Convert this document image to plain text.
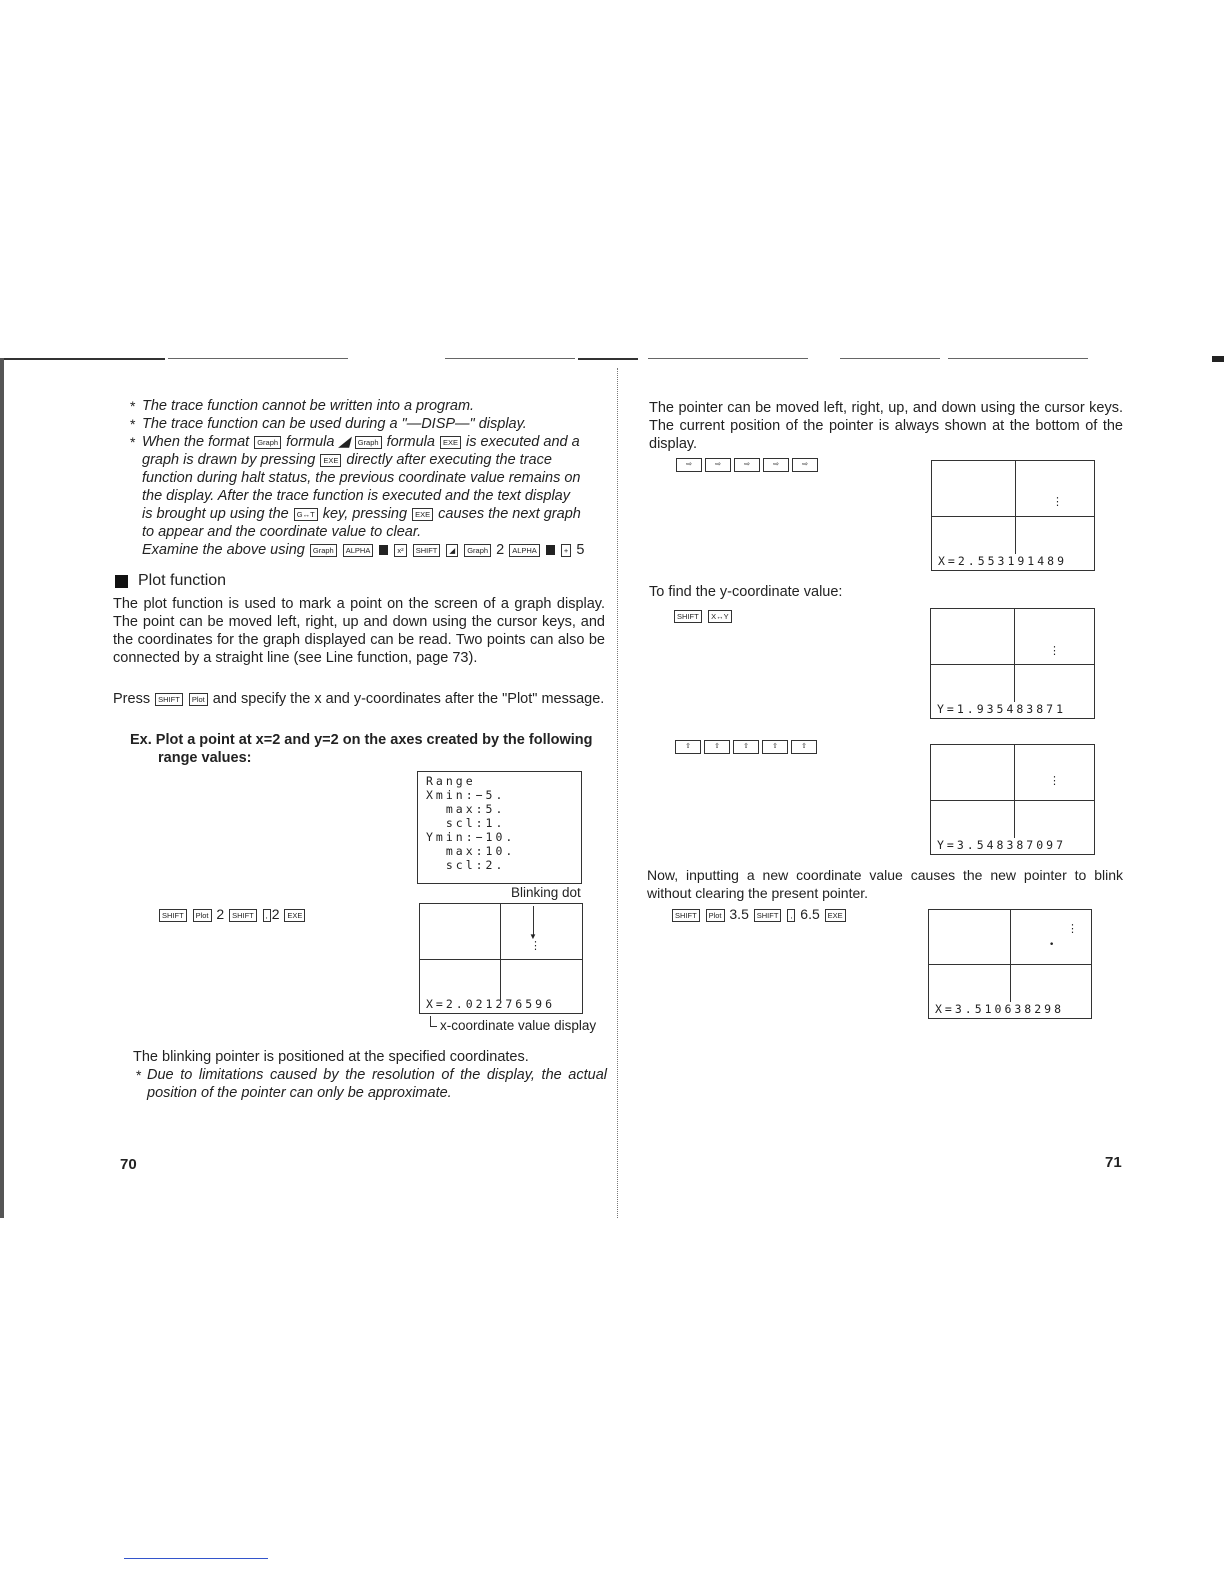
* The trace function cannot be written into a program.
* The trace function can be used during a "—DISP—" display.
* When the format Graph formula ◢ Graph formula EXE is executed and a
graph is drawn by pressing EXE directly after executing the trace
function during halt status, the previous coordinate value remains on
the display. After the trace function is executed and the text display
is brought up using the G↔T key, pressing EXE causes the next graph
to appear and the coordinate value to clear.
Examine the above using Graph ALPHA	x² SHIFT ◢ Graph 2 ALPHA	+ 5
Plot function
The plot function is used to mark a point on the screen of a graph display. The point can be moved left, right, up and down using the cursor keys, and the coordinates for the graph displayed can be read. Two points can also be connected by a straight line (see Line function, page 73).
Press SHIFT Plot and specify the x and y-coordinates after the "Plot" message.
Ex. Plot a point at x=2 and y=2 on the axes created by the following
range values:
Range
Xmin:−5.
max:5.
scl:1.
Ymin:−10.
max:10.
scl:2.
Blinking dot
SHIFT Plot 2 SHIFT , 2 EXE
⋮
▼
X=2.021276596
x-coordinate value display
The blinking pointer is positioned at the specified coordinates.
* Due to limitations caused by the resolution of the display, the actual position of the pointer can only be approximate.
70
The pointer can be moved left, right, up, and down using the cursor keys. The current position of the pointer is always shown at the bottom of the display.
⇨	⇨	⇨	⇨	⇨
⋮
X=2.553191489
To find the y-coordinate value:
SHIFT X↔Y
⋮
Y=1.935483871
⇧	⇧	⇧	⇧	⇧
⋮
Y=3.548387097
Now, inputting a new coordinate value causes the new pointer to blink without clearing the present pointer.
SHIFT Plot 3.5 SHIFT , 6.5 EXE
⋮
•
X=3.510638298
71
